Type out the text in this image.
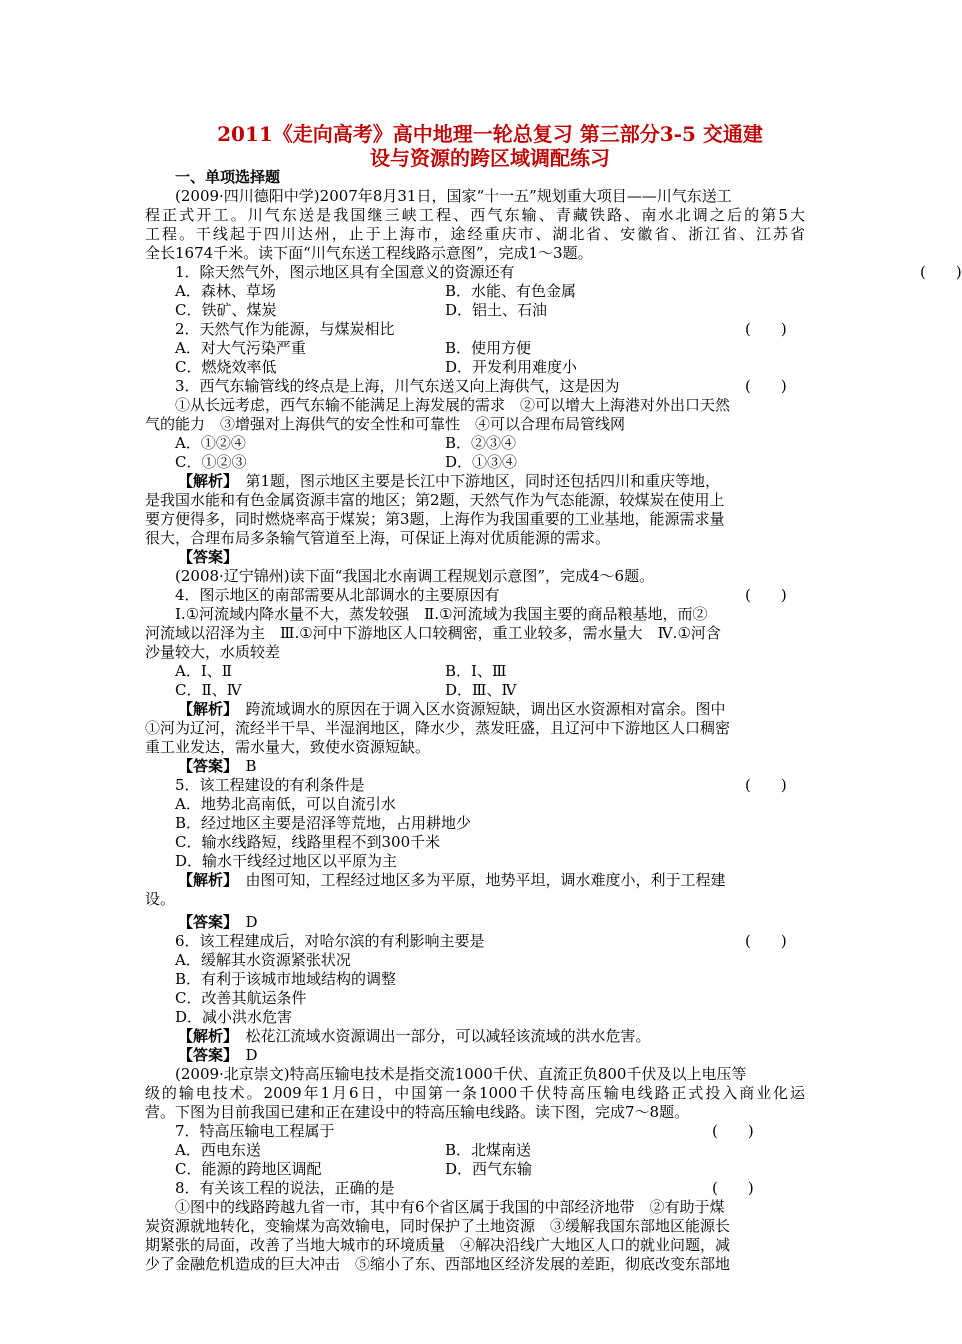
2011《走向高考》高中地理一轮总复习 第三部分3-5 交通建
设与资源的跨区域调配练习
一、单项选择题
(2009·四川德阳中学)2007年8月31日，国家“十一五”规划重大项目——川气东送工
程正式开工。川气东送是我国继三峡工程、西气东输、青藏铁路、南水北调之后的第5大
工程。干线起于四川达州，止于上海市，途经重庆市、湖北省、安徽省、浙江省、江苏省
全长1674千米。读下面“川气东送工程线路示意图”，完成1～3题。
1．除天然气外，图示地区具有全国意义的资源还有	(　　)
A．森林、草场	B．水能、有色金属
C．铁矿、煤炭	D．铝土、石油
2．天然气作为能源，与煤炭相比	(　　)
A．对大气污染严重	B．使用方便
C．燃烧效率低	D．开发利用难度小
3．西气东输管线的终点是上海，川气东送又向上海供气，这是因为	(　　)
①从长远考虑，西气东输不能满足上海发展的需求　②可以增大上海港对外出口天然
气的能力　③增强对上海供气的安全性和可靠性　④可以合理布局管线网
A．①②④	B．②③④
C．①②③	D．①③④
【解析】　第1题，图示地区主要是长江中下游地区，同时还包括四川和重庆等地，
是我国水能和有色金属资源丰富的地区；第2题，天然气作为气态能源，较煤炭在使用上
要方便得多，同时燃烧率高于煤炭；第3题，上海作为我国重要的工业基地，能源需求量
很大，合理布局多条输气管道至上海，可保证上海对优质能源的需求。
【答案】
(2008·辽宁锦州)读下面“我国北水南调工程规划示意图”，完成4～6题。
4．图示地区的南部需要从北部调水的主要原因有	(　　)
Ⅰ.①河流域内降水量不大，蒸发较强　Ⅱ.①河流域为我国主要的商品粮基地，而②
河流域以沼泽为主　Ⅲ.①河中下游地区人口较稠密，重工业较多，需水量大　Ⅳ.①河含
沙量较大，水质较差
A．Ⅰ、Ⅱ	B．Ⅰ、Ⅲ
C．Ⅱ、Ⅳ	D．Ⅲ、Ⅳ
【解析】　跨流域调水的原因在于调入区水资源短缺，调出区水资源相对富余。图中
①河为辽河，流经半干旱、半湿润地区，降水少，蒸发旺盛，且辽河中下游地区人口稠密
重工业发达，需水量大，致使水资源短缺。
【答案】　B
5．该工程建设的有利条件是	(　　)
A．地势北高南低，可以自流引水
B．经过地区主要是沼泽等荒地，占用耕地少
C．输水线路短，线路里程不到300千米
D．输水干线经过地区以平原为主
【解析】　由图可知，工程经过地区多为平原，地势平坦，调水难度小，利于工程建
设。
【答案】　D
6．该工程建成后，对哈尔滨的有利影响主要是	(　　)
A．缓解其水资源紧张状况
B．有利于该城市地域结构的调整
C．改善其航运条件
D．减小洪水危害
【解析】　松花江流域水资源调出一部分，可以减轻该流域的洪水危害。
【答案】　D
(2009·北京崇文)特高压输电技术是指交流1000千伏、直流正负800千伏及以上电压等
级的输电技术。2009年1月6日，中国第一条1000千伏特高压输电线路正式投入商业化运
营。下图为目前我国已建和正在建设中的特高压输电线路。读下图，完成7～8题。
7．特高压输电工程属于	(　　)
A．西电东送	B．北煤南送
C．能源的跨地区调配	D．西气东输
8．有关该工程的说法，正确的是	(　　)
①图中的线路跨越九省一市，其中有6个省区属于我国的中部经济地带　②有助于煤
炭资源就地转化，变输煤为高效输电，同时保护了土地资源　③缓解我国东部地区能源长
期紧张的局面，改善了当地大城市的环境质量　④解决沿线广大地区人口的就业问题，减
少了金融危机造成的巨大冲击　⑤缩小了东、西部地区经济发展的差距，彻底改变东部地
